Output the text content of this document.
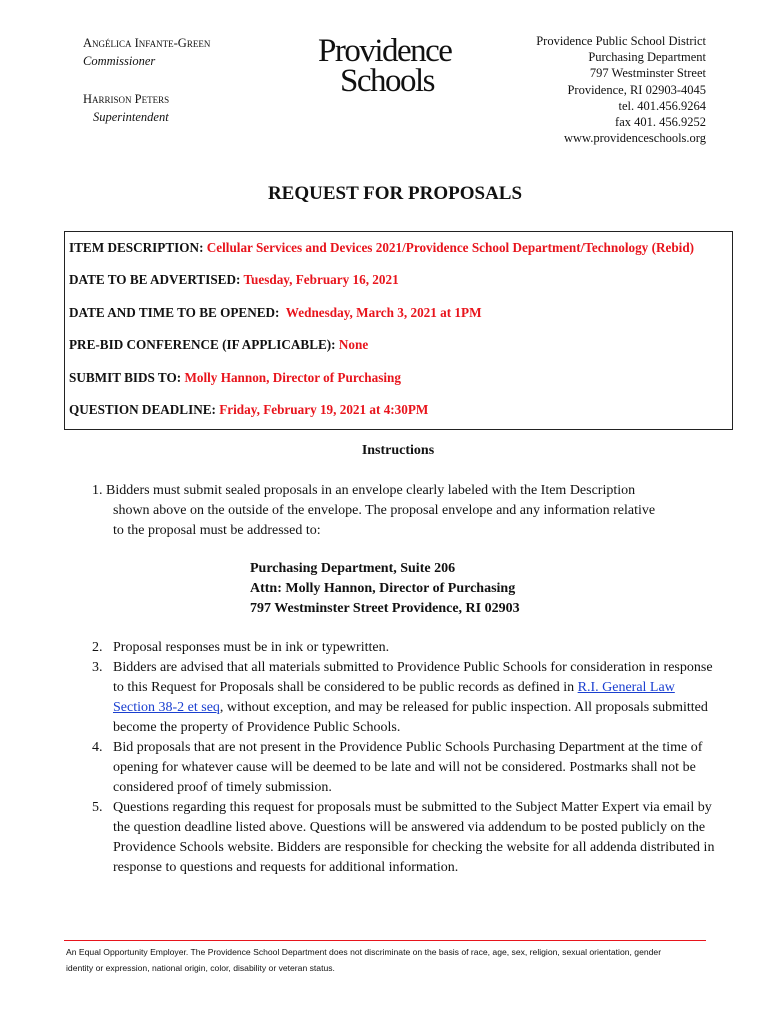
Angélica Infante-Green
Commissioner
Harrison Peters
Superintendent
Providence
Schools
Providence Public School District
Purchasing Department
797 Westminster Street
Providence, RI 02903-4045
tel. 401.456.9264
fax 401. 456.9252
www.providenceschools.org
REQUEST FOR PROPOSALS
ITEM DESCRIPTION: Cellular Services and Devices 2021/Providence School Department/Technology (Rebid)
DATE TO BE ADVERTISED: Tuesday, February 16, 2021
DATE AND TIME TO BE OPENED:  Wednesday, March 3, 2021 at 1PM
PRE-BID CONFERENCE (IF APPLICABLE): None
SUBMIT BIDS TO: Molly Hannon, Director of Purchasing
QUESTION DEADLINE: Friday, February 19, 2021 at 4:30PM
Instructions
1. Bidders must submit sealed proposals in an envelope clearly labeled with the Item Description
shown above on the outside of the envelope. The proposal envelope and any information relative
to the proposal must be addressed to:
Purchasing Department, Suite 206
Attn: Molly Hannon, Director of Purchasing
797 Westminster Street Providence, RI 02903
2. Proposal responses must be in ink or typewritten.
3. Bidders are advised that all materials submitted to Providence Public Schools for consideration in response to this Request for Proposals shall be considered to be public records as defined in R.I. General Law Section 38-2 et seq, without exception, and may be released for public inspection. All proposals submitted become the property of Providence Public Schools.
4. Bid proposals that are not present in the Providence Public Schools Purchasing Department at the time of opening for whatever cause will be deemed to be late and will not be considered. Postmarks shall not be considered proof of timely submission.
5. Questions regarding this request for proposals must be submitted to the Subject Matter Expert via email by the question deadline listed above. Questions will be answered via addendum to be posted publicly on the Providence Schools website. Bidders are responsible for checking the website for all addenda distributed in response to questions and requests for additional information.
An Equal Opportunity Employer. The Providence School Department does not discriminate on the basis of race, age, sex, religion, sexual orientation, gender
identity or expression, national origin, color, disability or veteran status.
